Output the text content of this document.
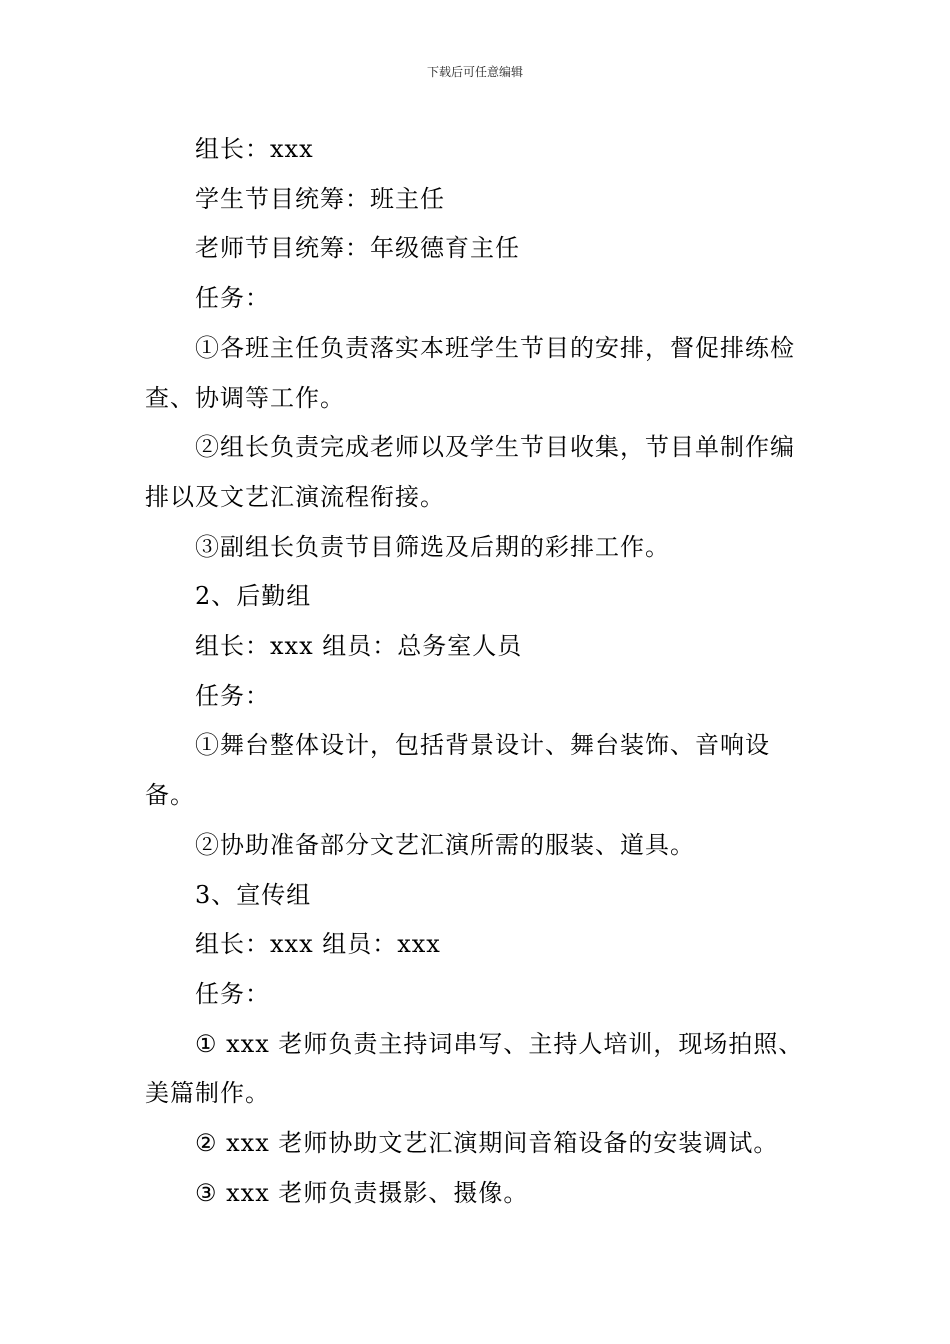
下载后可任意编辑

组长：xxx

学生节目统筹：班主任

老师节目统筹：年级德育主任

任务：

①各班主任负责落实本班学生节目的安排，督促排练检查、协调等工作。

②组长负责完成老师以及学生节目收集，节目单制作编排以及文艺汇演流程衔接。

③副组长负责节目筛选及后期的彩排工作。

2、后勤组

组长：xxx 组员：总务室人员

任务：

①舞台整体设计，包括背景设计、舞台装饰、音响设备。

②协助准备部分文艺汇演所需的服装、道具。

3、宣传组

组长：xxx 组员：xxx

任务：

① xxx 老师负责主持词串写、主持人培训，现场拍照、美篇制作。

② xxx 老师协助文艺汇演期间音箱设备的安装调试。

③ xxx 老师负责摄影、摄像。
